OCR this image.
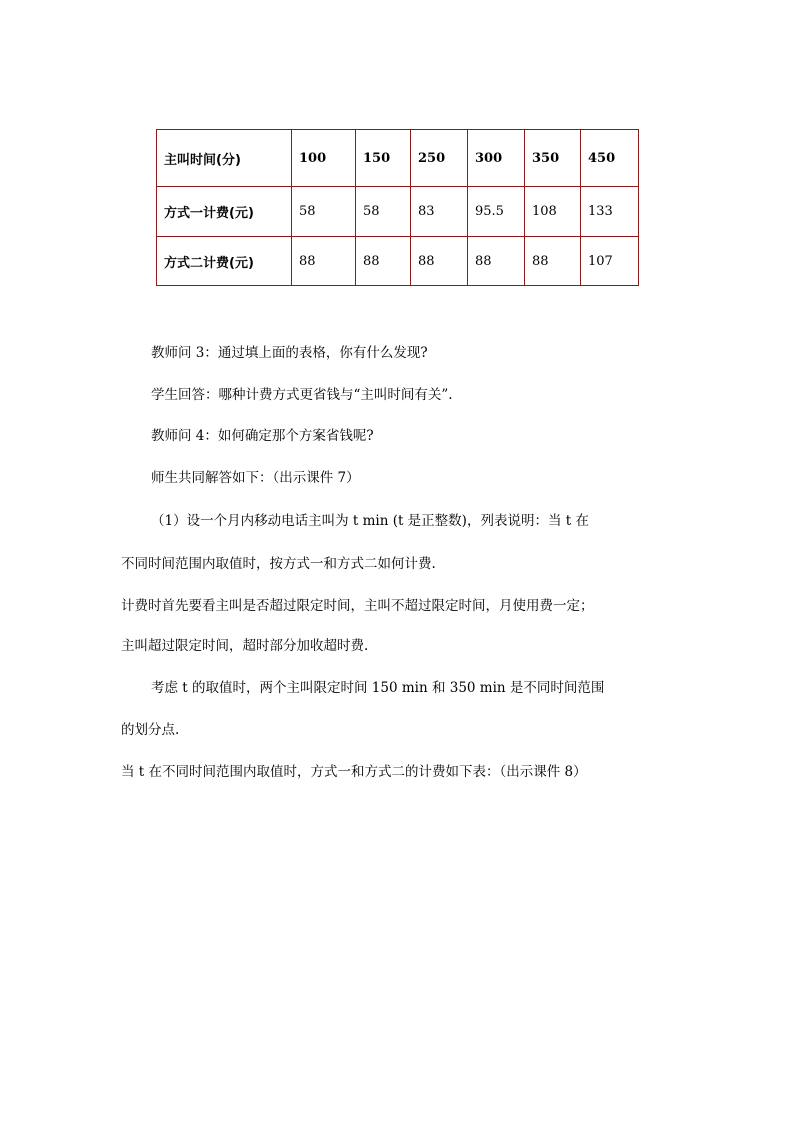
主叫时间(分)	100	150	250	300	350	450
方式一计费(元)	58	58	83	95.5	108	133
方式二计费(元)	88	88	88	88	88	107

教师问 3：通过填上面的表格，你有什么发现?

学生回答：哪种计费方式更省钱与“主叫时间有关”.

教师问 4：如何确定那个方案省钱呢?

师生共同解答如下：（出示课件 7）

（1）设一个月内移动电话主叫为 t min (t 是正整数)，列表说明：当 t 在

不同时间范围内取值时，按方式一和方式二如何计费.

计费时首先要看主叫是否超过限定时间，主叫不超过限定时间，月使用费一定；

主叫超过限定时间，超时部分加收超时费.

考虑 t 的取值时，两个主叫限定时间 150 min 和 350 min 是不同时间范围

的划分点.

当 t 在不同时间范围内取值时，方式一和方式二的计费如下表：（出示课件 8）
